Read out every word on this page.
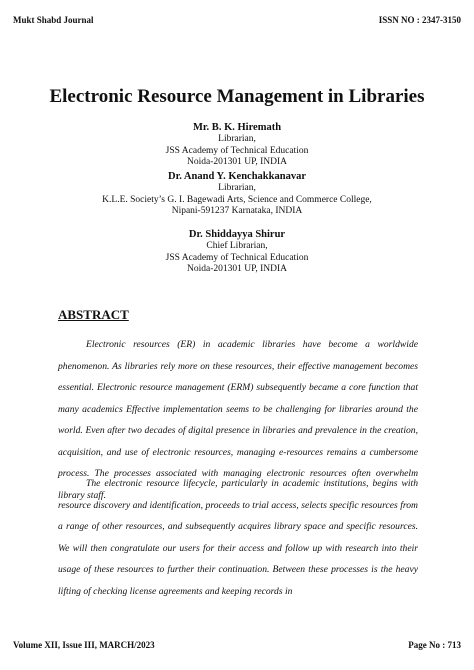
Mukt Shabd Journal	ISSN NO : 2347-3150
Electronic Resource Management in Libraries
Mr. B. K. Hiremath
Librarian,
JSS Academy of Technical Education
Noida-201301 UP, INDIA
Dr. Anand Y. Kenchakkanavar
Librarian,
K.L.E. Society’s G. I. Bagewadi Arts, Science and Commerce College,
Nipani-591237 Karnataka, INDIA
Dr. Shiddayya Shirur
Chief Librarian,
JSS Academy of Technical Education
Noida-201301 UP, INDIA
ABSTRACT

Electronic resources (ER) in academic libraries have become a worldwide phenomenon. As libraries rely more on these resources, their effective management becomes essential. Electronic resource management (ERM) subsequently became a core function that many academics Effective implementation seems to be challenging for libraries around the world. Even after two decades of digital presence in libraries and prevalence in the creation, acquisition, and use of electronic resources, managing e-resources remains a cumbersome process. The processes associated with managing electronic resources often overwhelm library staff.

The electronic resource lifecycle, particularly in academic institutions, begins with resource discovery and identification, proceeds to trial access, selects specific resources from a range of other resources, and subsequently acquires library space and specific resources. We will then congratulate our users for their access and follow up with research into their usage of these resources to further their continuation. Between these processes is the heavy lifting of checking license agreements and keeping records in

Volume XII, Issue III, MARCH/2023	Page No : 713
